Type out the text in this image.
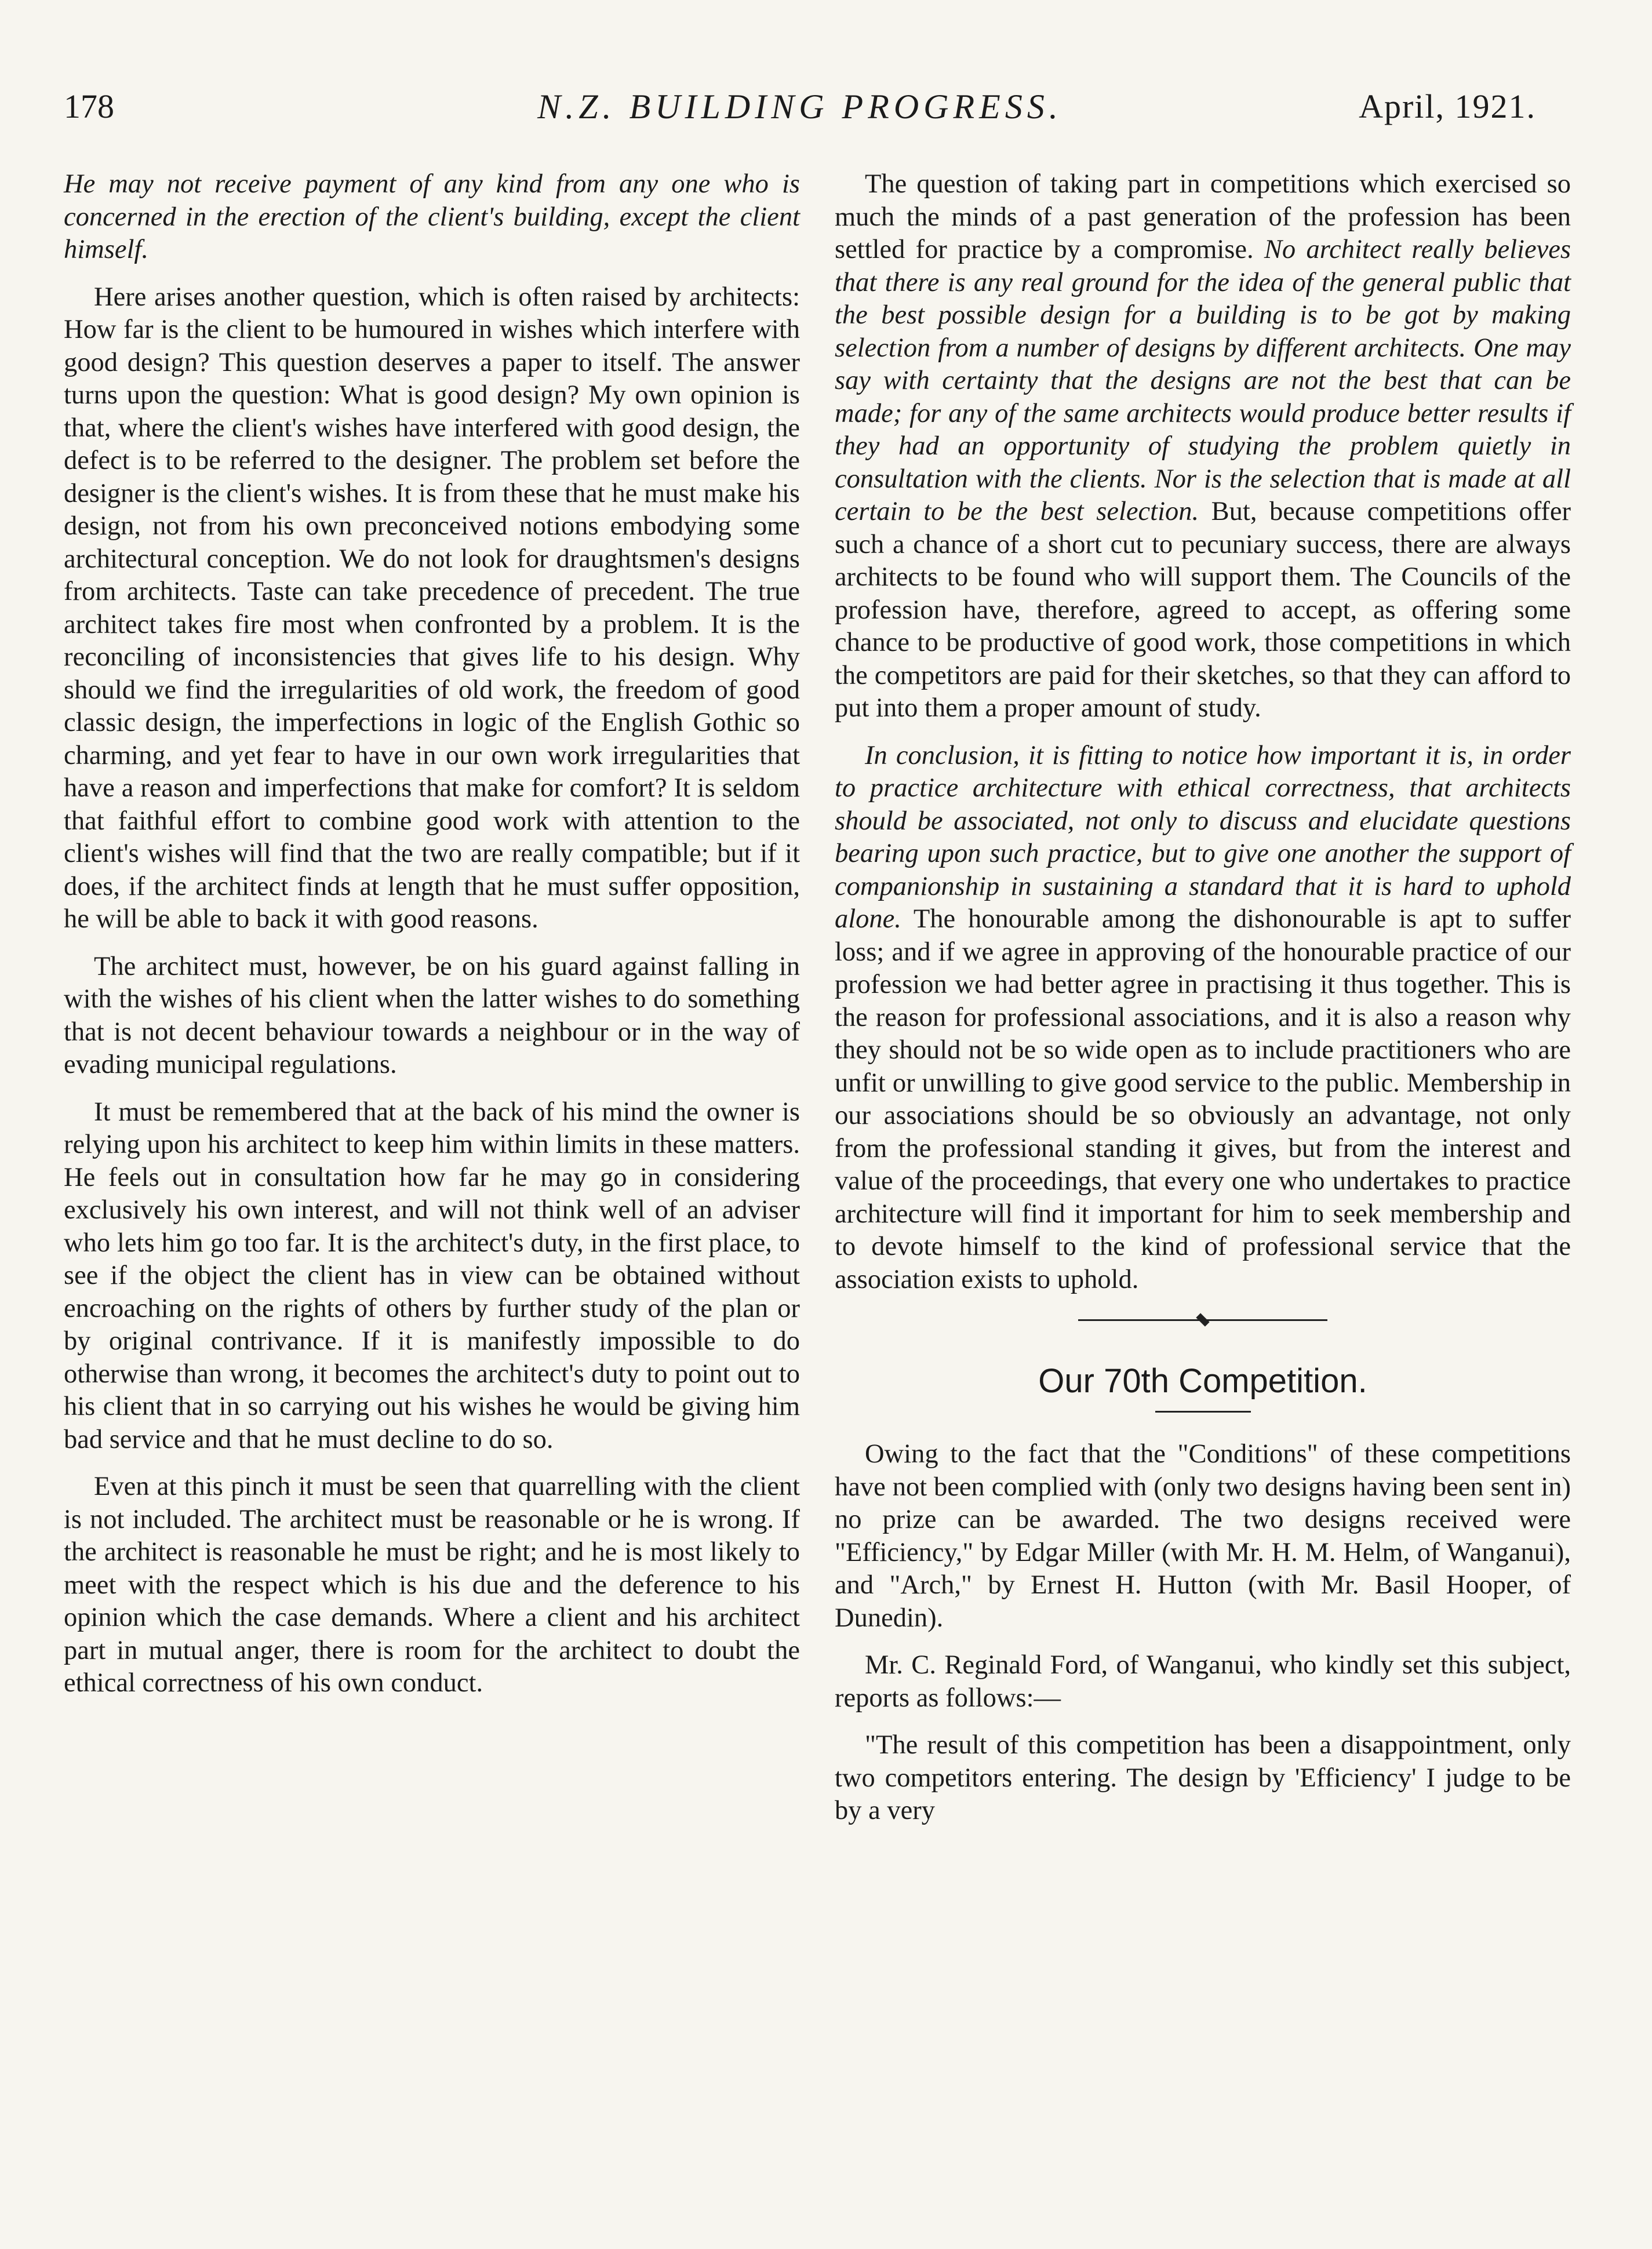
178	N.Z. BUILDING PROGRESS.	April, 1921.

He may not receive payment of any kind from any one who is concerned in the erection of the client's building, except the client himself.

Here arises another question, which is often raised by architects: How far is the client to be humoured in wishes which interfere with good design? This question deserves a paper to itself. The answer turns upon the question: What is good design? My own opinion is that, where the client's wishes have interfered with good design, the defect is to be referred to the designer. The problem set before the designer is the client's wishes. It is from these that he must make his design, not from his own preconceived notions embodying some architectural conception. We do not look for draughtsmen's designs from architects. Taste can take precedence of precedent. The true architect takes fire most when confronted by a problem. It is the reconciling of inconsistencies that gives life to his design. Why should we find the irregularities of old work, the freedom of good classic design, the imperfections in logic of the English Gothic so charming, and yet fear to have in our own work irregularities that have a reason and imperfections that make for comfort? It is seldom that faithful effort to combine good work with attention to the client's wishes will find that the two are really compatible; but if it does, if the architect finds at length that he must suffer opposition, he will be able to back it with good reasons.

The architect must, however, be on his guard against falling in with the wishes of his client when the latter wishes to do something that is not decent behaviour towards a neighbour or in the way of evading municipal regulations.

It must be remembered that at the back of his mind the owner is relying upon his architect to keep him within limits in these matters. He feels out in consultation how far he may go in considering exclusively his own interest, and will not think well of an adviser who lets him go too far. It is the architect's duty, in the first place, to see if the object the client has in view can be obtained without encroaching on the rights of others by further study of the plan or by original contrivance. If it is manifestly impossible to do otherwise than wrong, it becomes the architect's duty to point out to his client that in so carrying out his wishes he would be giving him bad service and that he must decline to do so.

Even at this pinch it must be seen that quarrelling with the client is not included. The architect must be reasonable or he is wrong. If the architect is reasonable he must be right; and he is most likely to meet with the respect which is his due and the deference to his opinion which the case demands. Where a client and his architect part in mutual anger, there is room for the architect to doubt the ethical correctness of his own conduct.

The question of taking part in competitions which exercised so much the minds of a past generation of the profession has been settled for practice by a compromise. No architect really believes that there is any real ground for the idea of the general public that the best possible design for a building is to be got by making selection from a number of designs by different architects. One may say with certainty that the designs are not the best that can be made; for any of the same architects would produce better results if they had an opportunity of studying the problem quietly in consultation with the clients. Nor is the selection that is made at all certain to be the best selection. But, because competitions offer such a chance of a short cut to pecuniary success, there are always architects to be found who will support them. The Councils of the profession have, therefore, agreed to accept, as offering some chance to be productive of good work, those competitions in which the competitors are paid for their sketches, so that they can afford to put into them a proper amount of study.

In conclusion, it is fitting to notice how important it is, in order to practice architecture with ethical correctness, that architects should be associated, not only to discuss and elucidate questions bearing upon such practice, but to give one another the support of companionship in sustaining a standard that it is hard to uphold alone. The honourable among the dishonourable is apt to suffer loss; and if we agree in approving of the honourable practice of our profession we had better agree in practising it thus together. This is the reason for professional associations, and it is also a reason why they should not be so wide open as to include practitioners who are unfit or unwilling to give good service to the public. Membership in our associations should be so obviously an advantage, not only from the professional standing it gives, but from the interest and value of the proceedings, that every one who undertakes to practice architecture will find it important for him to seek membership and to devote himself to the kind of professional service that the association exists to uphold.

Our 70th Competition.

Owing to the fact that the "Conditions" of these competitions have not been complied with (only two designs having been sent in) no prize can be awarded. The two designs received were "Efficiency," by Edgar Miller (with Mr. H. M. Helm, of Wanganui), and "Arch," by Ernest H. Hutton (with Mr. Basil Hooper, of Dunedin).

Mr. C. Reginald Ford, of Wanganui, who kindly set this subject, reports as follows:—

"The result of this competition has been a disappointment, only two competitors entering. The design by 'Efficiency' I judge to be by a very
